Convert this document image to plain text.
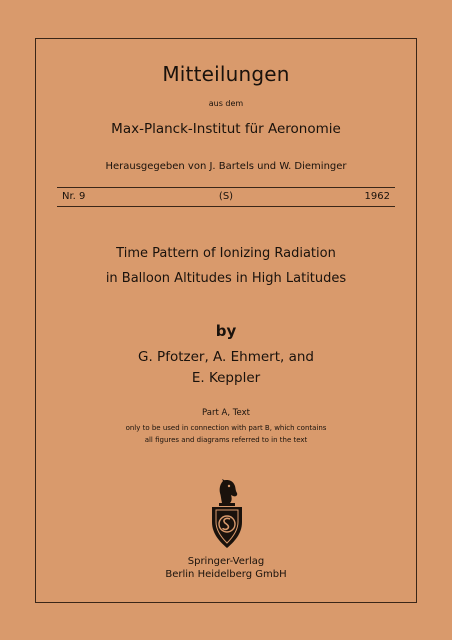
Mitteilungen
aus dem
Max-Planck-Institut für Aeronomie
Herausgegeben von J. Bartels und W. Dieminger
Nr. 9	(S)	1962
Time Pattern of Ionizing Radiation
in Balloon Altitudes in High Latitudes
by
G. Pfotzer, A. Ehmert, and
E. Keppler
Part A, Text
only to be used in connection with part B, which contains
all figures and diagrams referred to in the text
Springer-Verlag
Berlin Heidelberg GmbH
